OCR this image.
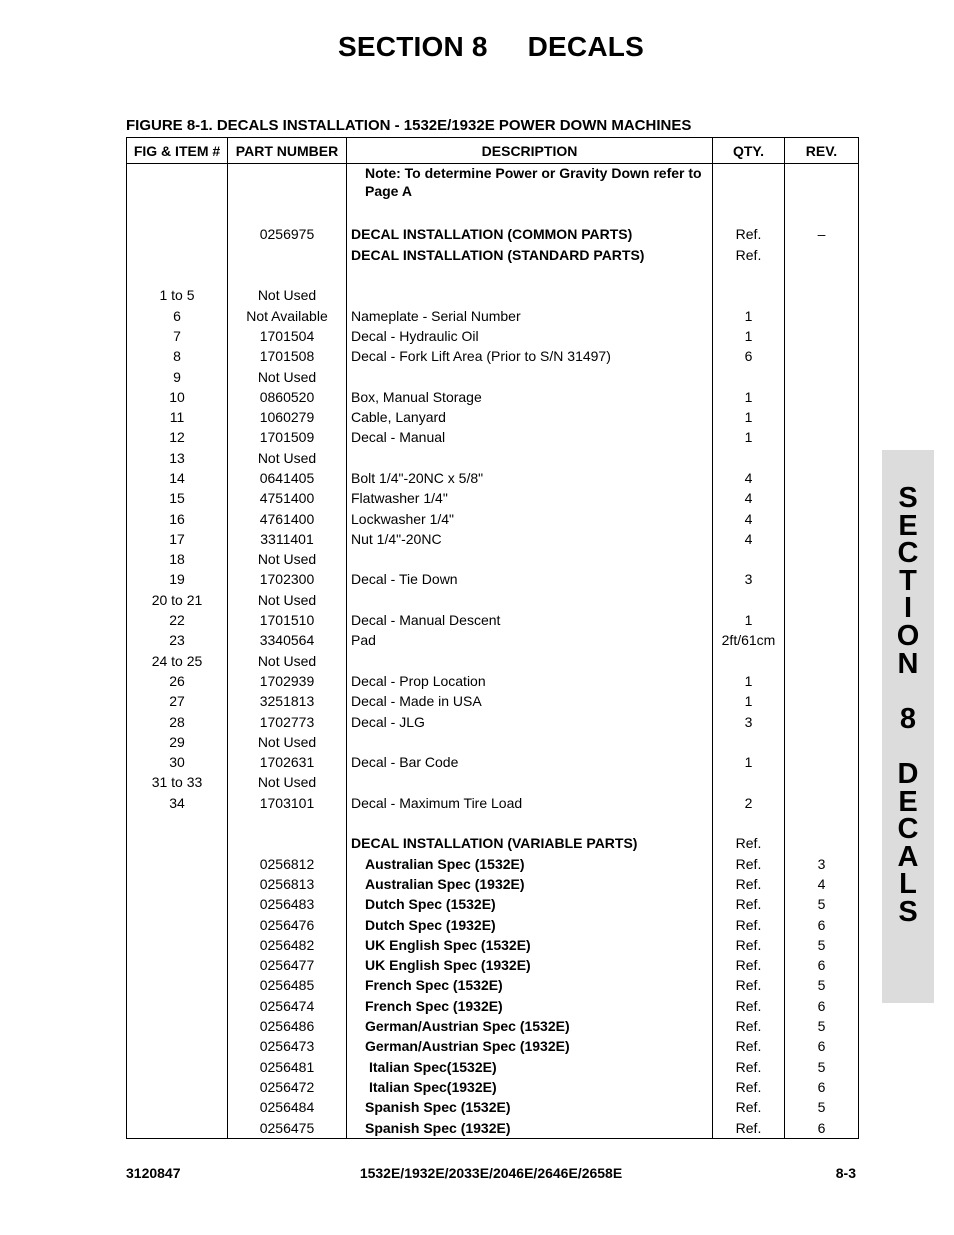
SECTION 8 DECALS
FIGURE 8-1. DECALS INSTALLATION - 1532E/1932E POWER DOWN MACHINES
FIG & ITEM #	PART NUMBER	DESCRIPTION	QTY.	REV.
		Note: To determine Power or Gravity Down refer to Page A		

	0256975	DECAL INSTALLATION (COMMON PARTS)	Ref.	–
		DECAL INSTALLATION (STANDARD PARTS)	Ref.	

1 to 5	Not Used			
6	Not Available	Nameplate - Serial Number	1	
7	1701504	Decal - Hydraulic Oil	1	
8	1701508	Decal - Fork Lift Area (Prior to S/N 31497)	6	
9	Not Used			
10	0860520	Box, Manual Storage	1	
11	1060279	Cable, Lanyard	1	
12	1701509	Decal - Manual	1	
13	Not Used			
14	0641405	Bolt 1/4"-20NC x 5/8"	4	
15	4751400	Flatwasher 1/4"	4	
16	4761400	Lockwasher 1/4"	4	
17	3311401	Nut 1/4"-20NC	4	
18	Not Used			
19	1702300	Decal - Tie Down	3	
20 to 21	Not Used			
22	1701510	Decal - Manual Descent	1	
23	3340564	Pad	2ft/61cm	
24 to 25	Not Used			
26	1702939	Decal - Prop Location	1	
27	3251813	Decal - Made in USA	1	
28	1702773	Decal - JLG	3	
29	Not Used			
30	1702631	Decal - Bar Code	1	
31 to 33	Not Used			
34	1703101	Decal - Maximum Tire Load	2	

		DECAL INSTALLATION (VARIABLE PARTS)	Ref.	
	0256812	Australian Spec (1532E)	Ref.	3
	0256813	Australian Spec (1932E)	Ref.	4
	0256483	Dutch Spec (1532E)	Ref.	5
	0256476	Dutch Spec (1932E)	Ref.	6
	0256482	UK English Spec (1532E)	Ref.	5
	0256477	UK English Spec (1932E)	Ref.	6
	0256485	French Spec (1532E)	Ref.	5
	0256474	French Spec (1932E)	Ref.	6
	0256486	German/Austrian Spec (1532E)	Ref.	5
	0256473	German/Austrian Spec (1932E)	Ref.	6
	0256481	Italian Spec(1532E)	Ref.	5
	0256472	Italian Spec(1932E)	Ref.	6
	0256484	Spanish Spec (1532E)	Ref.	5
	0256475	Spanish Spec (1932E)	Ref.	6
3120847	1532E/1932E/2033E/2046E/2646E/2658E	8-3
S
E
C
T
I
O
N
8
D
E
C
A
L
S
